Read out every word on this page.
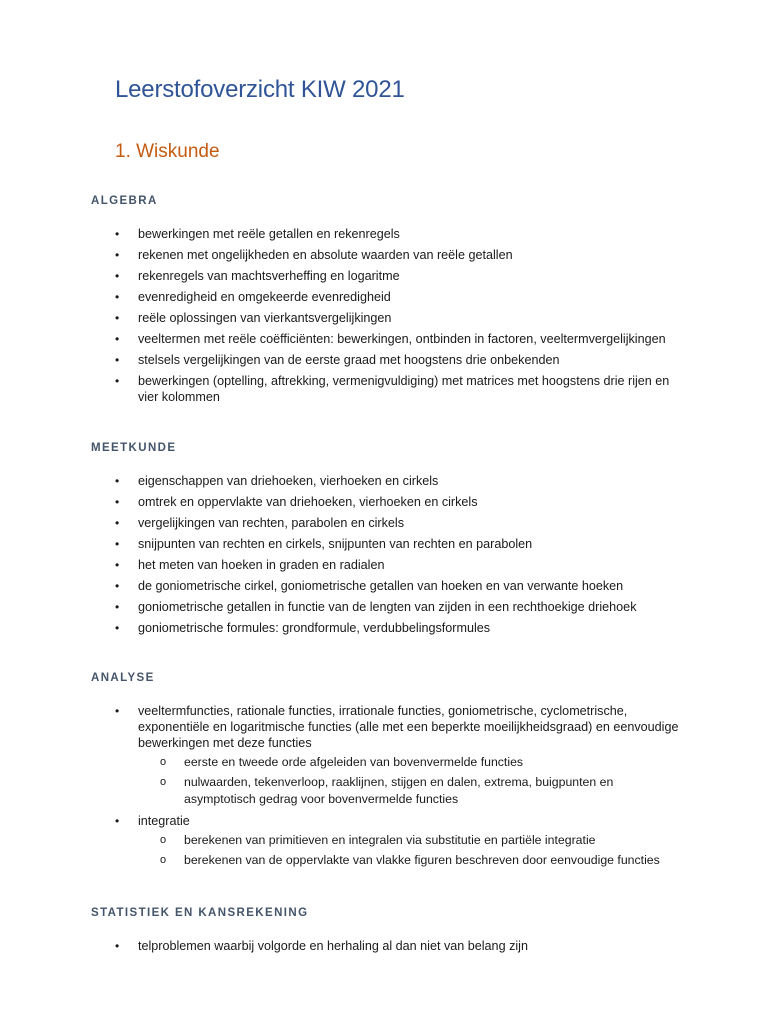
Leerstofoverzicht KIW 2021
1. Wiskunde
ALGEBRA
• bewerkingen met reële getallen en rekenregels
• rekenen met ongelijkheden en absolute waarden van reële getallen
• rekenregels van machtsverheffing en logaritme
• evenredigheid en omgekeerde evenredigheid
• reële oplossingen van vierkantsvergelijkingen
• veeltermen met reële coëfficiënten: bewerkingen, ontbinden in factoren, veeltermvergelijkingen
• stelsels vergelijkingen van de eerste graad met hoogstens drie onbekenden
• bewerkingen (optelling, aftrekking, vermenigvuldiging) met matrices met hoogstens drie rijen en vier kolommen
MEETKUNDE
• eigenschappen van driehoeken, vierhoeken en cirkels
• omtrek en oppervlakte van driehoeken, vierhoeken en cirkels
• vergelijkingen van rechten, parabolen en cirkels
• snijpunten van rechten en cirkels, snijpunten van rechten en parabolen
• het meten van hoeken in graden en radialen
• de goniometrische cirkel, goniometrische getallen van hoeken en van verwante hoeken
• goniometrische getallen in functie van de lengten van zijden in een rechthoekige driehoek
• goniometrische formules: grondformule, verdubbelingsformules
ANALYSE
• veeltermfuncties, rationale functies, irrationale functies, goniometrische, cyclometrische, exponentiële en logaritmische functies (alle met een beperkte moeilijkheidsgraad) en eenvoudige bewerkingen met deze functies
o eerste en tweede orde afgeleiden van bovenvermelde functies
o nulwaarden, tekenverloop, raaklijnen, stijgen en dalen, extrema, buigpunten en asymptotisch gedrag voor bovenvermelde functies
• integratie
o berekenen van primitieven en integralen via substitutie en partiële integratie
o berekenen van de oppervlakte van vlakke figuren beschreven door eenvoudige functies
STATISTIEK EN KANSREKENING
• telproblemen waarbij volgorde en herhaling al dan niet van belang zijn
